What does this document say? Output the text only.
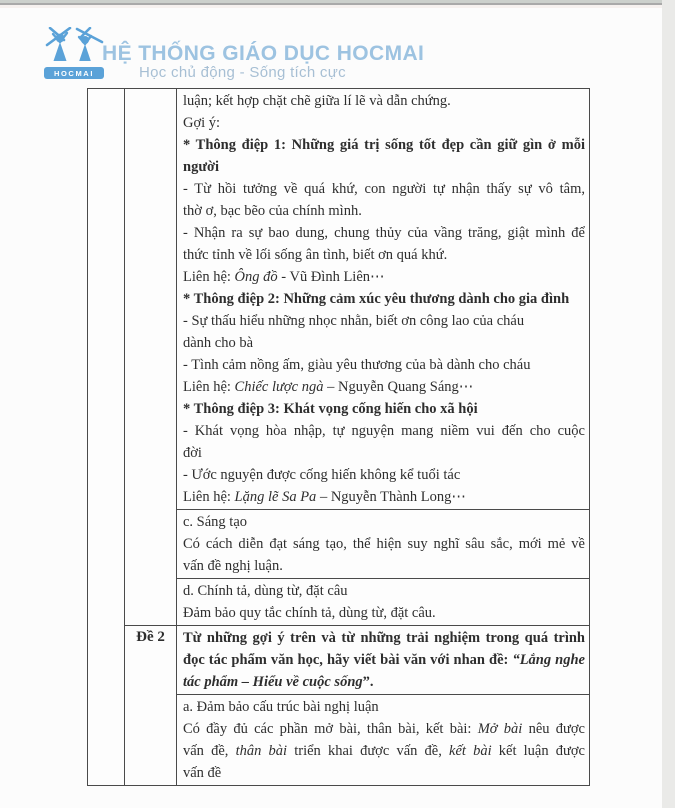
HOCMAI
HỆ THỐNG GIÁO DỤC HOCMAI
Học chủ động - Sống tích cực
luận; kết hợp chặt chẽ giữa lí lẽ và dẫn chứng.
Gợi ý:
* Thông điệp 1: Những giá trị sống tốt đẹp cần giữ gìn ở mỗi
người
- Từ hồi tưởng về quá khứ, con người tự nhận thấy sự vô tâm,
thờ ơ, bạc bẽo của chính mình.
- Nhận ra sự bao dung, chung thủy của vầng trăng, giật mình để
thức tỉnh về lối sống ân tình, biết ơn quá khứ.
Liên hệ: Ông đồ - Vũ Đình Liên⋯
* Thông điệp 2: Những cảm xúc yêu thương dành cho gia đình
- Sự thấu hiểu những nhọc nhằn, biết ơn công lao của cháu
dành cho bà
- Tình cảm nồng ấm, giàu yêu thương của bà dành cho cháu
Liên hệ: Chiếc lược ngà – Nguyễn Quang Sáng⋯
* Thông điệp 3: Khát vọng cống hiến cho xã hội
- Khát vọng hòa nhập, tự nguyện mang niềm vui đến cho cuộc
đời
- Ước nguyện được cống hiến không kể tuổi tác
Liên hệ: Lặng lẽ Sa Pa – Nguyễn Thành Long⋯
c. Sáng tạo
Có cách diễn đạt sáng tạo, thể hiện suy nghĩ sâu sắc, mới mẻ về
vấn đề nghị luận.
d. Chính tả, dùng từ, đặt câu
Đảm bảo quy tắc chính tả, dùng từ, đặt câu.
Đề 2	Từ những gợi ý trên và từ những trải nghiệm trong quá trình
đọc tác phẩm văn học, hãy viết bài văn với nhan đề: “Lắng nghe
tác phẩm – Hiểu về cuộc sống”.
a. Đảm bảo cấu trúc bài nghị luận
Có đầy đủ các phần mở bài, thân bài, kết bài: Mở bài nêu được
vấn đề, thân bài triển khai được vấn đề, kết bài kết luận được
vấn đề
